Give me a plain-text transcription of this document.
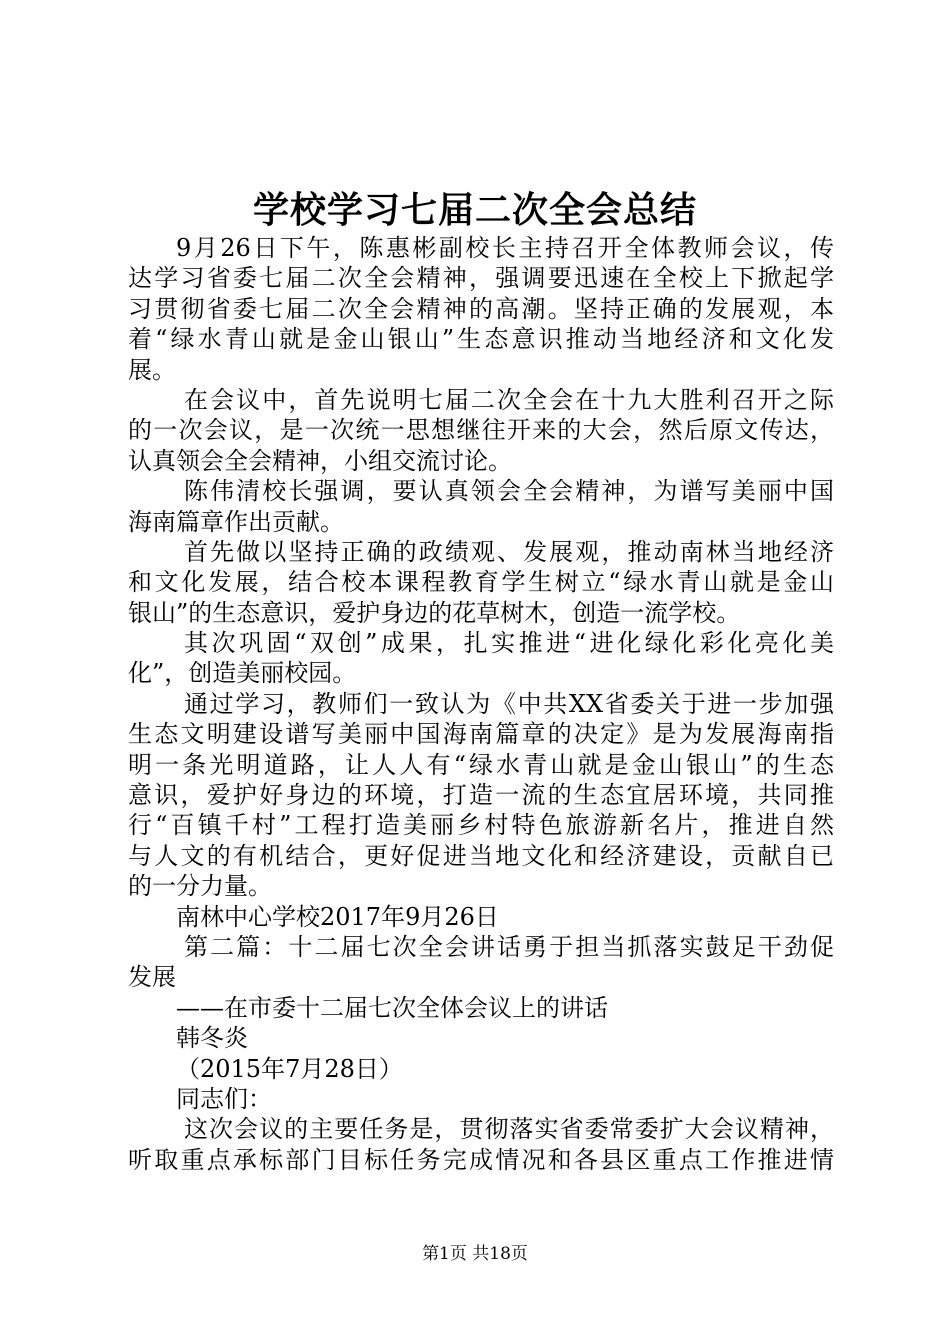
学校学习七届二次全会总结
9月26日下午，陈惠彬副校长主持召开全体教师会议，传
达学习省委七届二次全会精神，强调要迅速在全校上下掀起学
习贯彻省委七届二次全会精神的高潮。坚持正确的发展观，本
着“绿水青山就是金山银山”生态意识推动当地经济和文化发
展。
在会议中，首先说明七届二次全会在十九大胜利召开之际
的一次会议，是一次统一思想继往开来的大会，然后原文传达，
认真领会全会精神，小组交流讨论。
陈伟清校长强调，要认真领会全会精神，为谱写美丽中国
海南篇章作出贡献。
首先做以坚持正确的政绩观、发展观，推动南林当地经济
和文化发展，结合校本课程教育学生树立“绿水青山就是金山
银山”的生态意识，爱护身边的花草树木，创造一流学校。
其次巩固“双创”成果，扎实推进“进化绿化彩化亮化美
化”，创造美丽校园。
通过学习，教师们一致认为《中共XX省委关于进一步加强
生态文明建设谱写美丽中国海南篇章的决定》是为发展海南指
明一条光明道路，让人人有“绿水青山就是金山银山”的生态
意识，爱护好身边的环境，打造一流的生态宜居环境，共同推
行“百镇千村”工程打造美丽乡村特色旅游新名片，推进自然
与人文的有机结合，更好促进当地文化和经济建设，贡献自已
的一分力量。
南林中心学校2017年9月26日
第二篇：十二届七次全会讲话勇于担当抓落实鼓足干劲促
发展
——在市委十二届七次全体会议上的讲话
韩冬炎
（2015年7月28日）
同志们：
这次会议的主要任务是，贯彻落实省委常委扩大会议精神，
听取重点承标部门目标任务完成情况和各县区重点工作推进情
第1页 共18页
